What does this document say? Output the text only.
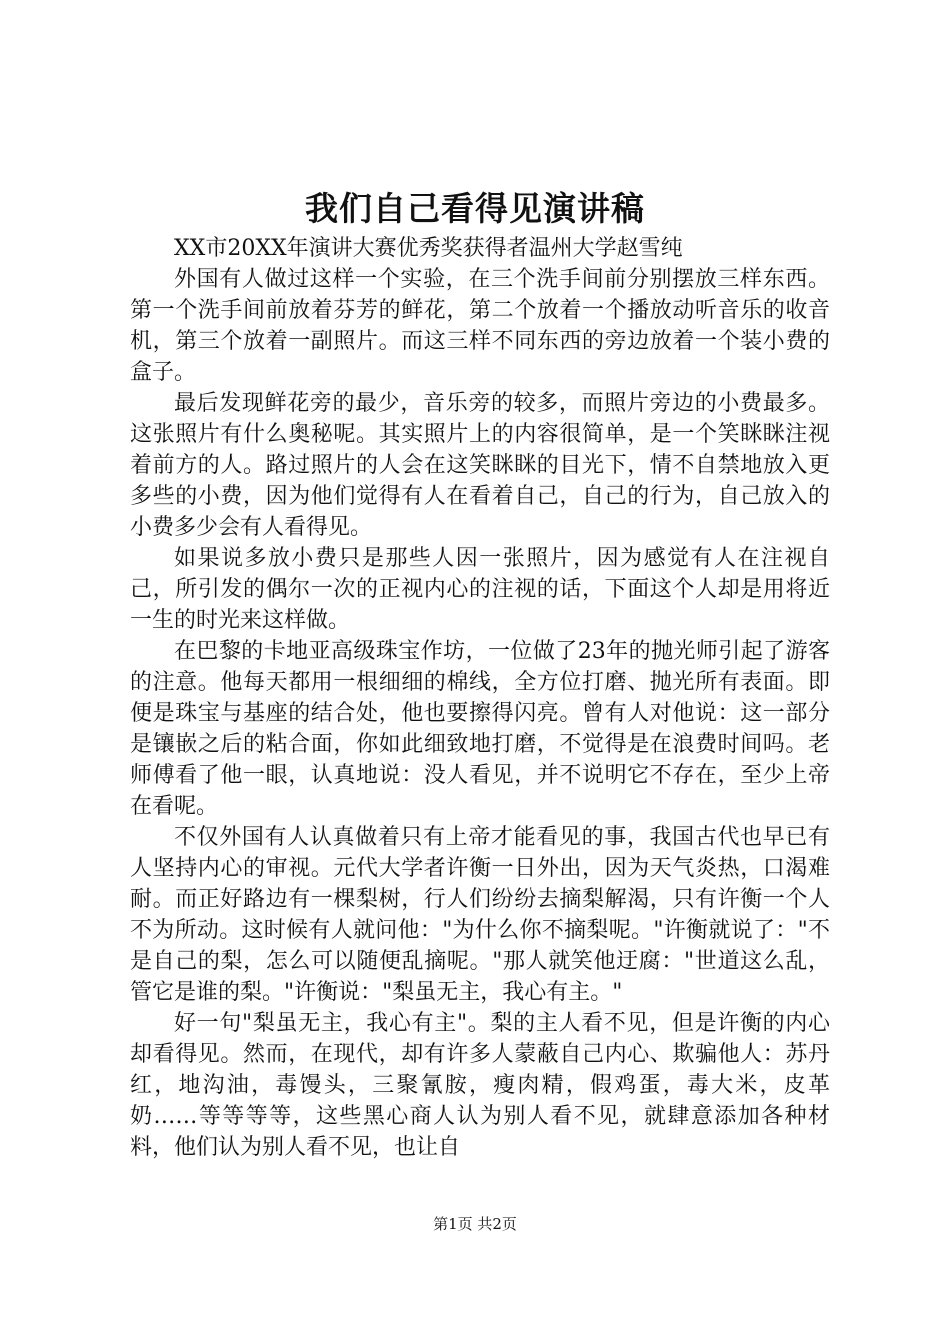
我们自己看得见演讲稿

XX市20XX年演讲大赛优秀奖获得者温州大学赵雪纯

外国有人做过这样一个实验，在三个洗手间前分别摆放三样东西。第一个洗手间前放着芬芳的鲜花，第二个放着一个播放动听音乐的收音机，第三个放着一副照片。而这三样不同东西的旁边放着一个装小费的盒子。

最后发现鲜花旁的最少，音乐旁的较多，而照片旁边的小费最多。这张照片有什么奥秘呢。其实照片上的内容很简单，是一个笑眯眯注视着前方的人。路过照片的人会在这笑眯眯的目光下，情不自禁地放入更多些的小费，因为他们觉得有人在看着自己，自己的行为，自己放入的小费多少会有人看得见。

如果说多放小费只是那些人因一张照片，因为感觉有人在注视自己，所引发的偶尔一次的正视内心的注视的话，下面这个人却是用将近一生的时光来这样做。

在巴黎的卡地亚高级珠宝作坊，一位做了23年的抛光师引起了游客的注意。他每天都用一根细细的棉线，全方位打磨、抛光所有表面。即便是珠宝与基座的结合处，他也要擦得闪亮。曾有人对他说：这一部分是镶嵌之后的粘合面，你如此细致地打磨，不觉得是在浪费时间吗。老师傅看了他一眼，认真地说：没人看见，并不说明它不存在，至少上帝在看呢。

不仅外国有人认真做着只有上帝才能看见的事，我国古代也早已有人坚持内心的审视。元代大学者许衡一日外出，因为天气炎热，口渴难耐。而正好路边有一棵梨树，行人们纷纷去摘梨解渴，只有许衡一个人不为所动。这时候有人就问他："为什么你不摘梨呢。"许衡就说了："不是自己的梨，怎么可以随便乱摘呢。"那人就笑他迂腐："世道这么乱，管它是谁的梨。"许衡说："梨虽无主，我心有主。"

好一句"梨虽无主，我心有主"。梨的主人看不见，但是许衡的内心却看得见。然而，在现代，却有许多人蒙蔽自己内心、欺骗他人：苏丹红，地沟油，毒馒头，三聚氰胺，瘦肉精，假鸡蛋，毒大米，皮革奶……等等等等，这些黑心商人认为别人看不见，就肆意添加各种材料，他们认为别人看不见，也让自

第1页 共2页
